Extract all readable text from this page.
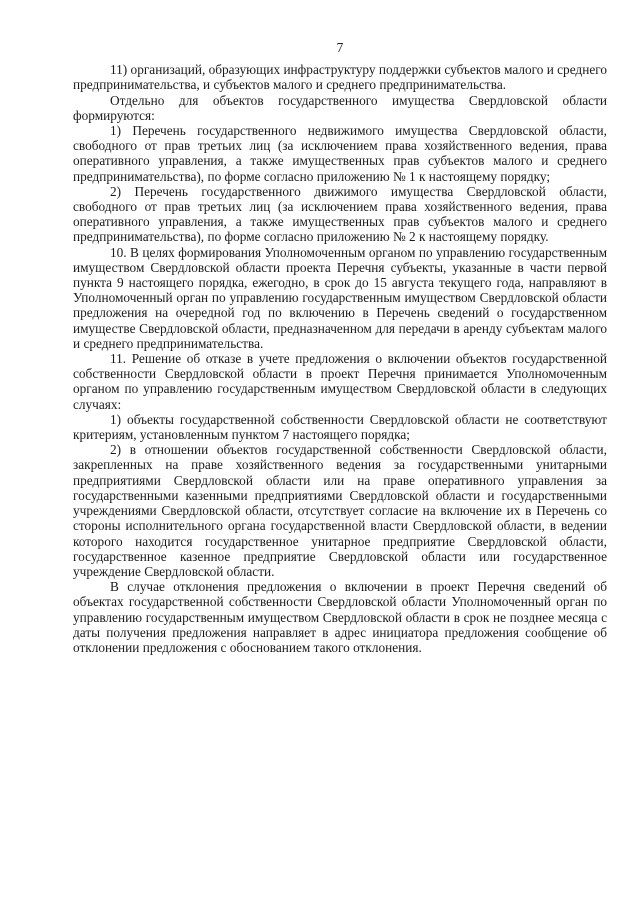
7

11) организаций, образующих инфраструктуру поддержки субъектов малого и среднего предпринимательства, и субъектов малого и среднего предпринимательства.

Отдельно для объектов государственного имущества Свердловской области формируются:

1) Перечень государственного недвижимого имущества Свердловской области, свободного от прав третьих лиц (за исключением права хозяйственного ведения, права оперативного управления, а также имущественных прав субъектов малого и среднего предпринимательства), по форме согласно приложению № 1 к настоящему порядку;

2) Перечень государственного движимого имущества Свердловской области, свободного от прав третьих лиц (за исключением права хозяйственного ведения, права оперативного управления, а также имущественных прав субъектов малого и среднего предпринимательства), по форме согласно приложению № 2 к настоящему порядку.

10. В целях формирования Уполномоченным органом по управлению государственным имуществом Свердловской области проекта Перечня субъекты, указанные в части первой пункта 9 настоящего порядка, ежегодно, в срок до 15 августа текущего года, направляют в Уполномоченный орган по управлению государственным имуществом Свердловской области предложения на очередной год по включению в Перечень сведений о государственном имуществе Свердловской области, предназначенном для передачи в аренду субъектам малого и среднего предпринимательства.

11. Решение об отказе в учете предложения о включении объектов государственной собственности Свердловской области в проект Перечня принимается Уполномоченным органом по управлению государственным имуществом Свердловской области в следующих случаях:

1) объекты государственной собственности Свердловской области не соответствуют критериям, установленным пунктом 7 настоящего порядка;

2) в отношении объектов государственной собственности Свердловской области, закрепленных на праве хозяйственного ведения за государственными унитарными предприятиями Свердловской области или на праве оперативного управления за государственными казенными предприятиями Свердловской области и государственными учреждениями Свердловской области, отсутствует согласие на включение их в Перечень со стороны исполнительного органа государственной власти Свердловской области, в ведении которого находится государственное унитарное предприятие Свердловской области, государственное казенное предприятие Свердловской области или государственное учреждение Свердловской области.

В случае отклонения предложения о включении в проект Перечня сведений об объектах государственной собственности Свердловской области Уполномоченный орган по управлению государственным имуществом Свердловской области в срок не позднее месяца с даты получения предложения направляет в адрес инициатора предложения сообщение об отклонении предложения с обоснованием такого отклонения.
